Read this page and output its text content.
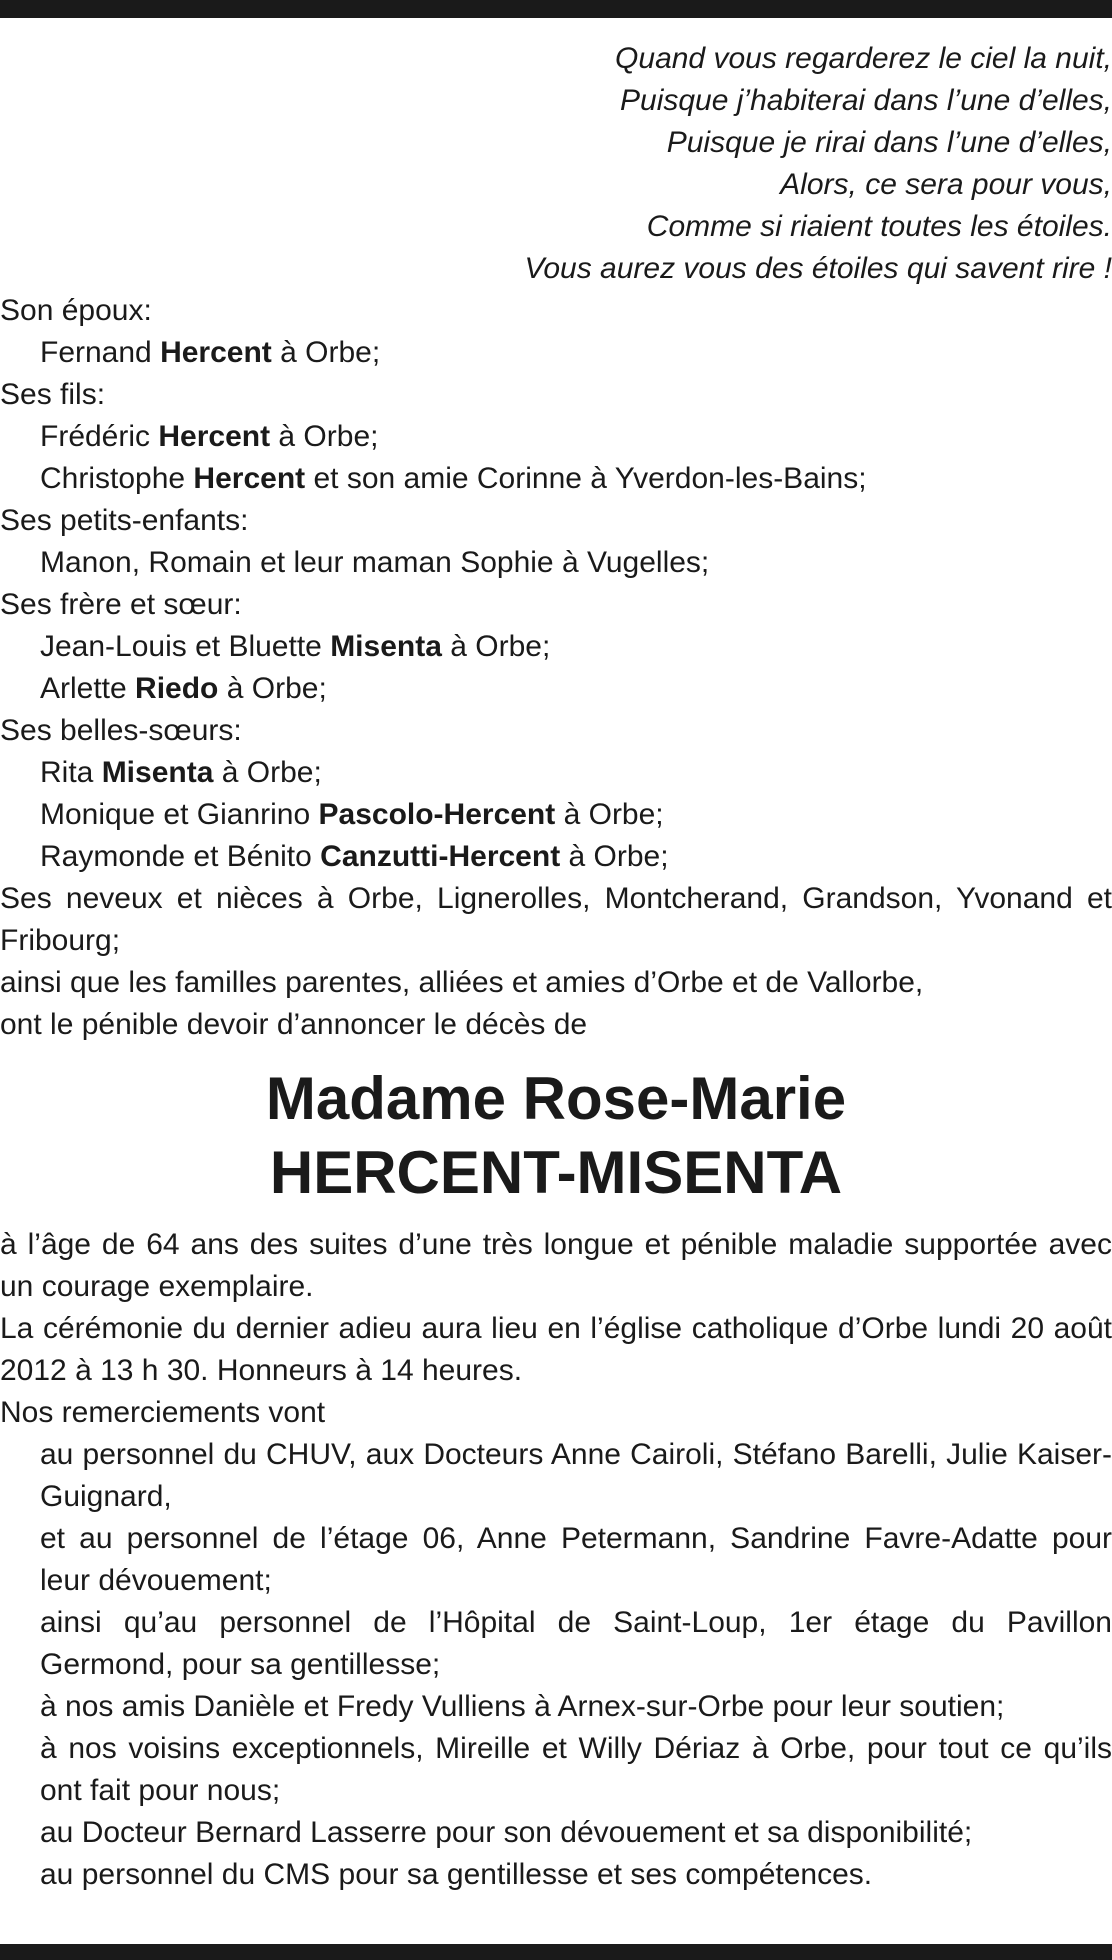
Quand vous regarderez le ciel la nuit,
Puisque j’habiterai dans l’une d’elles,
Puisque je rirai dans l’une d’elles,
Alors, ce sera pour vous,
Comme si riaient toutes les étoiles.
Vous aurez vous des étoiles qui savent rire !
Son époux:
Fernand Hercent à Orbe;
Ses fils:
Frédéric Hercent à Orbe;
Christophe Hercent et son amie Corinne à Yverdon-les-Bains;
Ses petits-enfants:
Manon, Romain et leur maman Sophie à Vugelles;
Ses frère et sœur:
Jean-Louis et Bluette Misenta à Orbe;
Arlette Riedo à Orbe;
Ses belles-sœurs:
Rita Misenta à Orbe;
Monique et Gianrino Pascolo-Hercent à Orbe;
Raymonde et Bénito Canzutti-Hercent à Orbe;
Ses neveux et nièces à Orbe, Lignerolles, Montcherand, Grandson, Yvonand et Fribourg;
ainsi que les familles parentes, alliées et amies d’Orbe et de Vallorbe,
ont le pénible devoir d’annoncer le décès de
Madame Rose-Marie
HERCENT-MISENTA
à l’âge de 64 ans des suites d’une très longue et pénible maladie supportée avec un courage exemplaire.
La cérémonie du dernier adieu aura lieu en l’église catholique d’Orbe lundi 20 août 2012 à 13 h 30. Honneurs à 14 heures.
Nos remerciements vont
au personnel du CHUV, aux Docteurs Anne Cairoli, Stéfano Barelli, Julie Kaiser-Guignard,
et au personnel de l’étage 06, Anne Petermann, Sandrine Favre-Adatte pour leur dévouement;
ainsi qu’au personnel de l’Hôpital de Saint-Loup, 1er étage du Pavillon Germond, pour sa gentillesse;
à nos amis Danièle et Fredy Vulliens à Arnex-sur-Orbe pour leur soutien;
à nos voisins exceptionnels, Mireille et Willy Dériaz à Orbe, pour tout ce qu’ils ont fait pour nous;
au Docteur Bernard Lasserre pour son dévouement et sa disponibilité;
au personnel du CMS pour sa gentillesse et ses compétences.
